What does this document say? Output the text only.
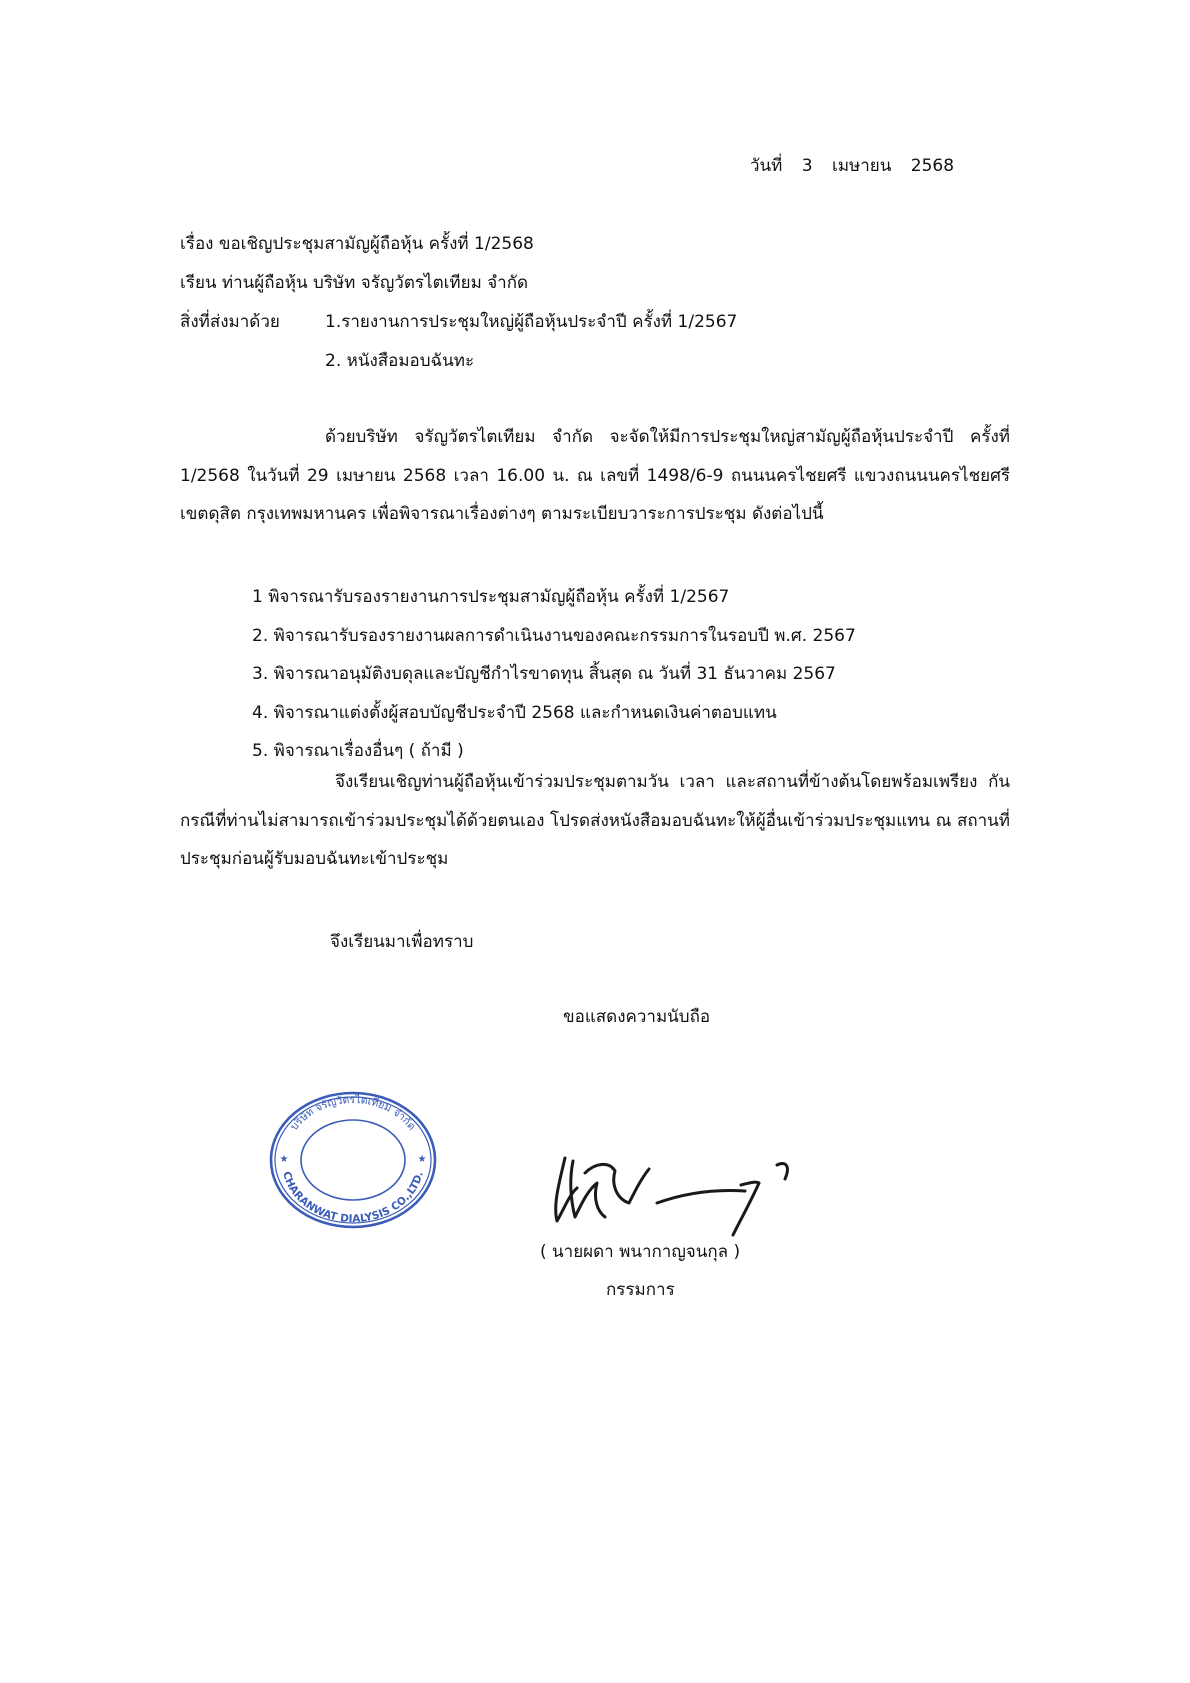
วันที่ 3 เมษายน 2568
เรื่อง ขอเชิญประชุมสามัญผู้ถือหุ้น ครั้งที่ 1/2568
เรียน ท่านผู้ถือหุ้น บริษัท จรัญวัตรไตเทียม จำกัด
สิ่งที่ส่งมาด้วย	1.รายงานการประชุมใหญ่ผู้ถือหุ้นประจำปี ครั้งที่ 1/2567
2. หนังสือมอบฉันทะ
ด้วยบริษัท จรัญวัตรไตเทียม จำกัด จะจัดให้มีการประชุมใหญ่สามัญผู้ถือหุ้นประจำปี ครั้งที่ 1/2568 ในวันที่ 29 เมษายน 2568 เวลา 16.00 น. ณ เลขที่ 1498/6-9 ถนนนครไชยศรี แขวงถนนนครไชยศรี เขตดุสิต กรุงเทพมหานคร เพื่อพิจารณาเรื่องต่างๆ ตามระเบียบวาระการประชุม ดังต่อไปนี้
1 พิจารณารับรองรายงานการประชุมสามัญผู้ถือหุ้น ครั้งที่ 1/2567
2. พิจารณารับรองรายงานผลการดำเนินงานของคณะกรรมการในรอบปี พ.ศ. 2567
3. พิจารณาอนุมัติงบดุลและบัญชีกำไรขาดทุน สิ้นสุด ณ วันที่ 31 ธันวาคม 2567
4. พิจารณาแต่งตั้งผู้สอบบัญชีประจำปี 2568 และกำหนดเงินค่าตอบแทน
5. พิจารณาเรื่องอื่นๆ ( ถ้ามี )
จึงเรียนเชิญท่านผู้ถือหุ้นเข้าร่วมประชุมตามวัน เวลา และสถานที่ข้างต้นโดยพร้อมเพรียง กันกรณีที่ท่านไม่สามารถเข้าร่วมประชุมได้ด้วยตนเอง โปรดส่งหนังสือมอบฉันทะให้ผู้อื่นเข้าร่วมประชุมแทน ณ สถานที่ประชุมก่อนผู้รับมอบฉันทะเข้าประชุม
จึงเรียนมาเพื่อทราบ
ขอแสดงความนับถือ
บริษัท จรัญวัตรไตเทียม จำกัด
CHARANWAT DIALYSIS CO.,LTD.
★	★
( นายผดา พนากาญจนกุล )
กรรมการ
